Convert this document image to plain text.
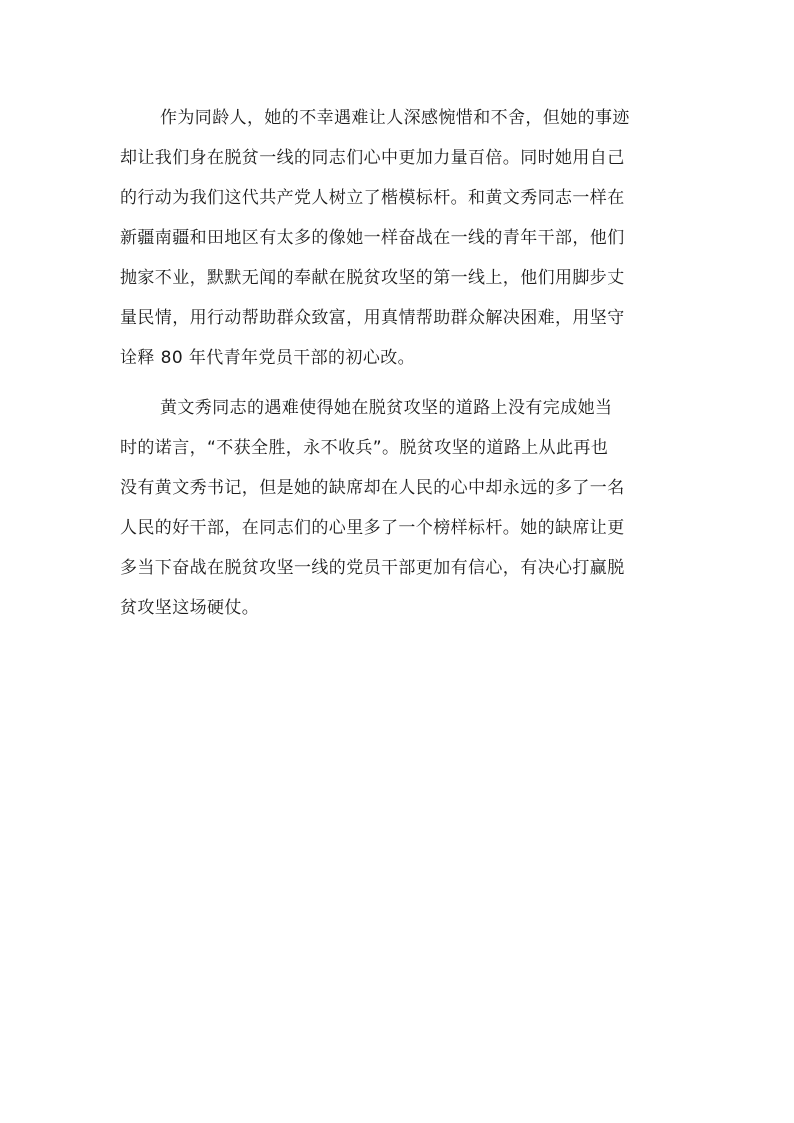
作为同龄人，她的不幸遇难让人深感惋惜和不舍，但她的事迹
却让我们身在脱贫一线的同志们心中更加力量百倍。同时她用自己
的行动为我们这代共产党人树立了楷模标杆。和黄文秀同志一样在
新疆南疆和田地区有太多的像她一样奋战在一线的青年干部，他们
抛家不业，默默无闻的奉献在脱贫攻坚的第一线上，他们用脚步丈
量民情，用行动帮助群众致富，用真情帮助群众解决困难，用坚守
诠释 80 年代青年党员干部的初心改。
黄文秀同志的遇难使得她在脱贫攻坚的道路上没有完成她当
时的诺言，“不获全胜，永不收兵”。脱贫攻坚的道路上从此再也
没有黄文秀书记，但是她的缺席却在人民的心中却永远的多了一名
人民的好干部，在同志们的心里多了一个榜样标杆。她的缺席让更
多当下奋战在脱贫攻坚一线的党员干部更加有信心，有决心打赢脱
贫攻坚这场硬仗。
